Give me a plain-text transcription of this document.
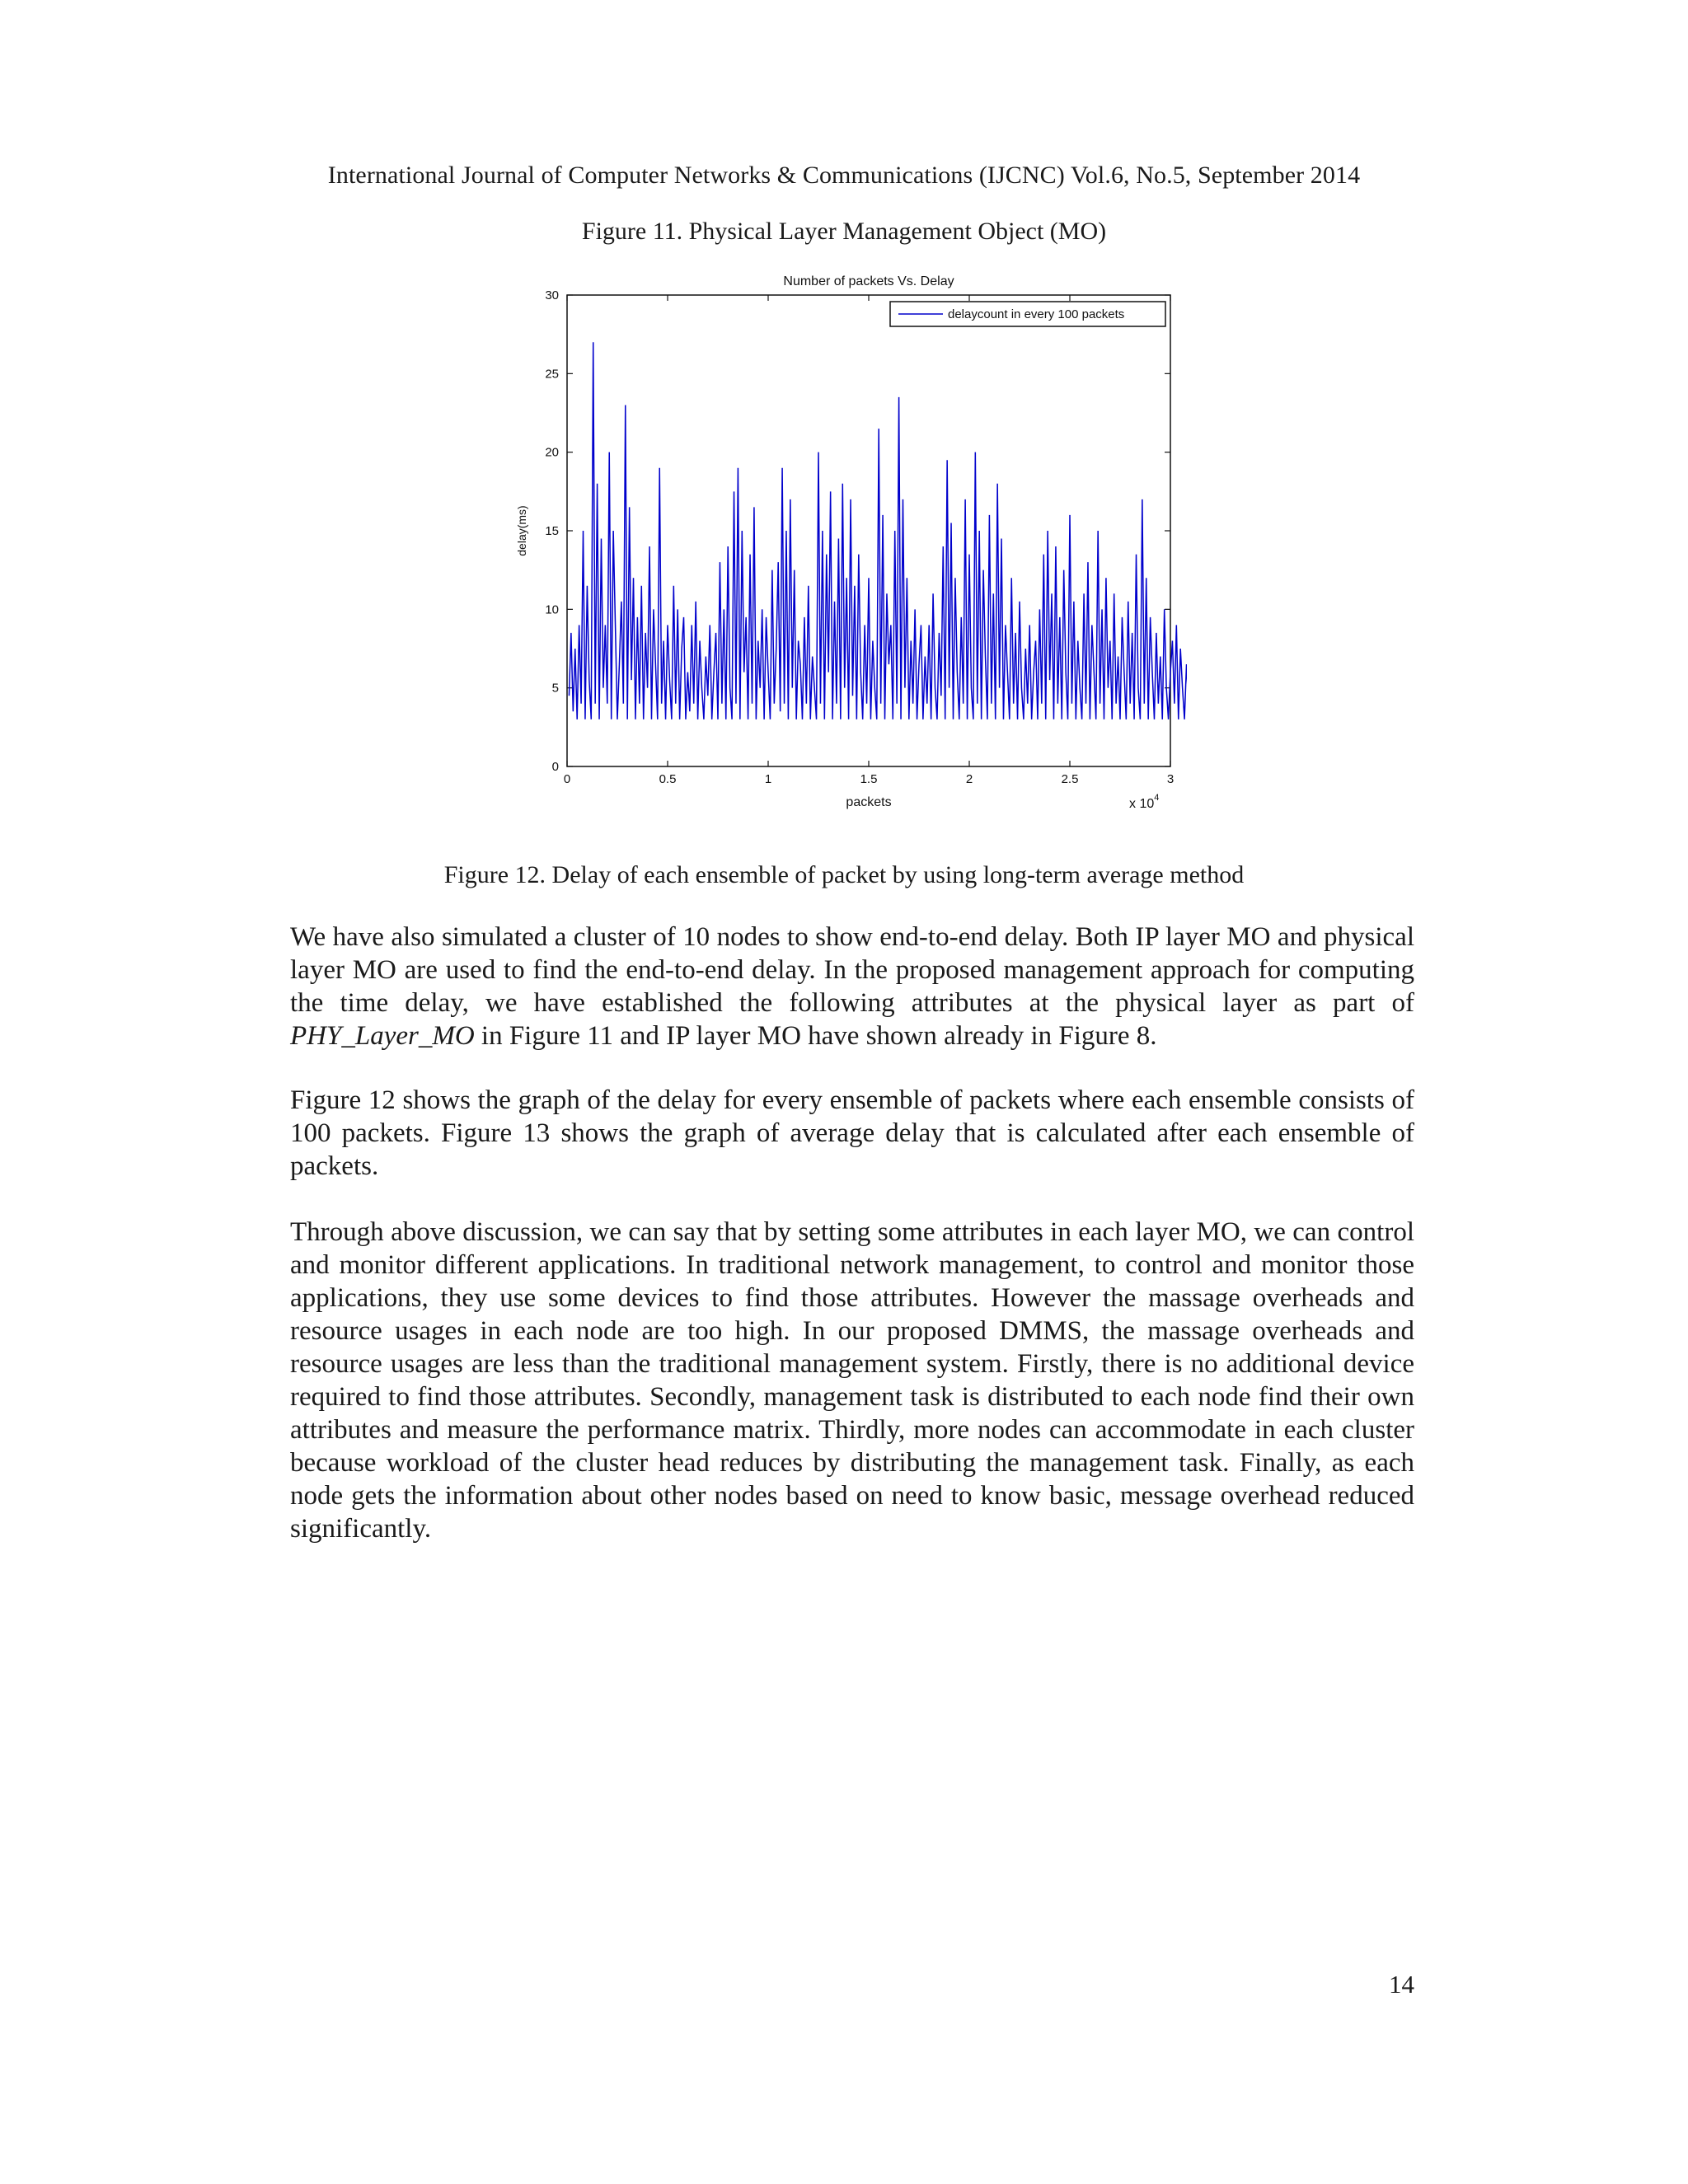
International Journal of Computer Networks & Communications (IJCNC) Vol.6, No.5, September 2014
Figure 11. Physical Layer Management Object (MO)
Number of packets Vs. Delay
0
5
10
15
20
25
30
0	0.5	1	1.5	2	2.5	3
delaycount in every 100 packets
packets
delay(ms)
x $10^4$
Figure 12. Delay of each ensemble of packet by using long-term average method

We have also simulated a cluster of 10 nodes to show end-to-end delay. Both IP layer MO and physical layer MO are used to find the end-to-end delay. In the proposed management approach for computing the time delay, we have established the following attributes at the physical layer as part of PHY_Layer_MO in Figure 11 and IP layer MO have shown already in Figure 8.

Figure 12 shows the graph of the delay for every ensemble of packets where each ensemble consists of 100 packets. Figure 13 shows the graph of average delay that is calculated after each ensemble of packets.

Through above discussion, we can say that by setting some attributes in each layer MO, we can control and monitor different applications. In traditional network management, to control and monitor those applications, they use some devices to find those attributes. However the massage overheads and resource usages in each node are too high. In our proposed DMMS, the massage overheads and resource usages are less than the traditional management system. Firstly, there is no additional device required to find those attributes. Secondly, management task is distributed to each node find their own attributes and measure the performance matrix. Thirdly, more nodes can accommodate in each cluster because workload of the cluster head reduces by distributing the management task. Finally, as each node gets the information about other nodes based on need to know basic, message overhead reduced significantly.

14
